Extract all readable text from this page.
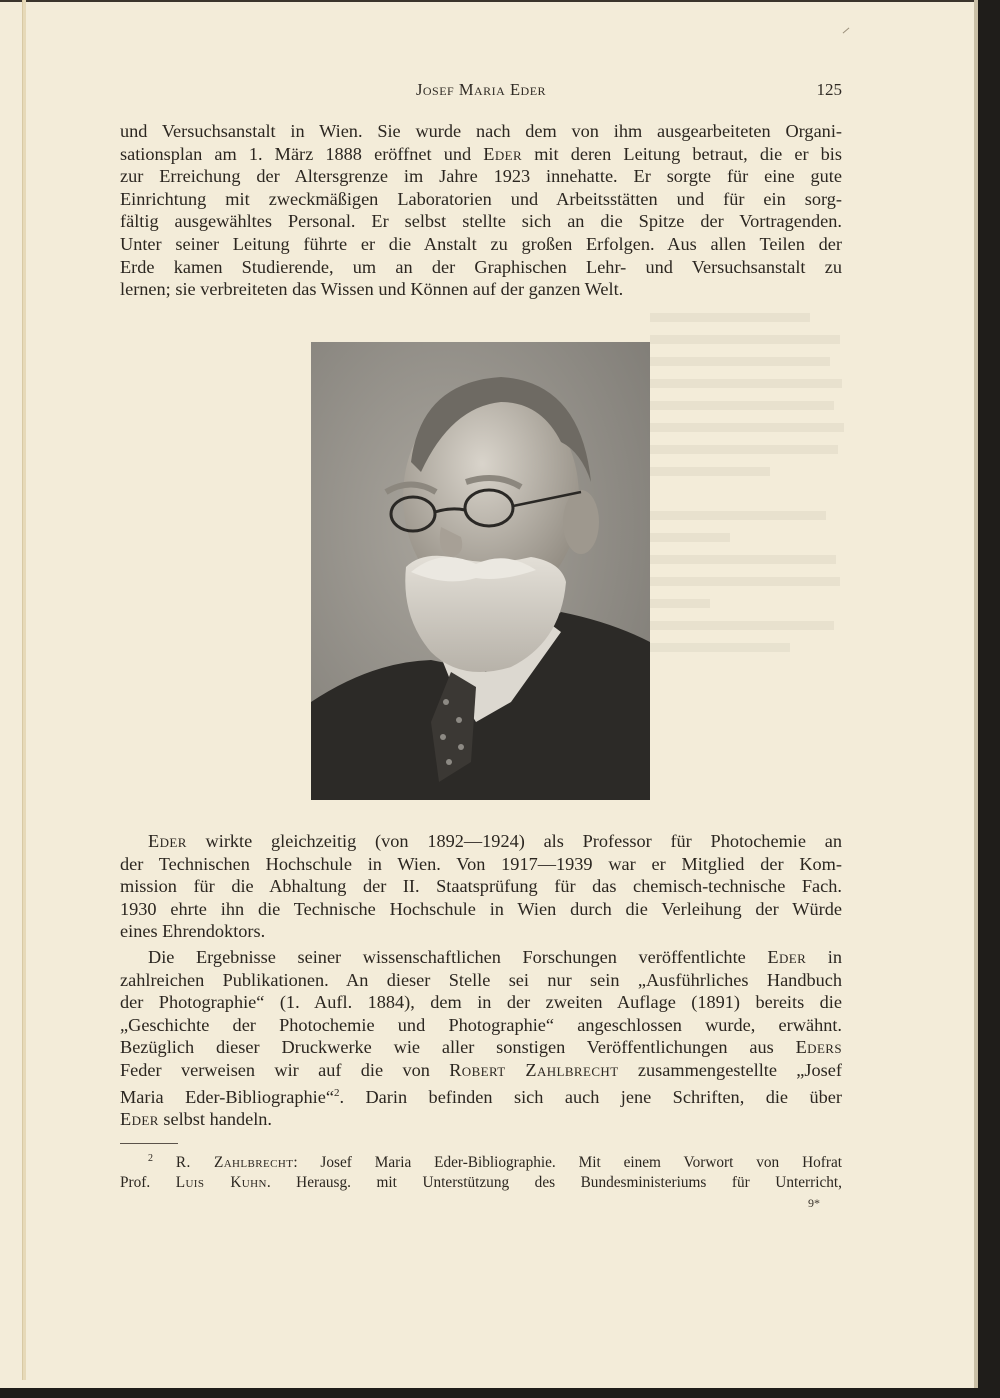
Josef Maria Eder	125
und Versuchsanstalt in Wien. Sie wurde nach dem von ihm ausgearbeiteten Organi-
sationsplan am 1. März 1888 eröffnet und Eder mit deren Leitung betraut, die er bis
zur Erreichung der Altersgrenze im Jahre 1923 innehatte. Er sorgte für eine gute
Einrichtung mit zweckmäßigen Laboratorien und Arbeitsstätten und für ein sorg-
fältig ausgewähltes Personal. Er selbst stellte sich an die Spitze der Vortragenden.
Unter seiner Leitung führte er die Anstalt zu großen Erfolgen. Aus allen Teilen der
Erde kamen Studierende, um an der Graphischen Lehr- und Versuchsanstalt zu
lernen; sie verbreiteten das Wissen und Können auf der ganzen Welt.
Eder wirkte gleichzeitig (von 1892—1924) als Professor für Photochemie an
der Technischen Hochschule in Wien. Von 1917—1939 war er Mitglied der Kom-
mission für die Abhaltung der II. Staatsprüfung für das chemisch-technische Fach.
1930 ehrte ihn die Technische Hochschule in Wien durch die Verleihung der Würde
eines Ehrendoktors.
Die Ergebnisse seiner wissenschaftlichen Forschungen veröffentlichte Eder in
zahlreichen Publikationen. An dieser Stelle sei nur sein „Ausführliches Handbuch
der Photographie“ (1. Aufl. 1884), dem in der zweiten Auflage (1891) bereits die
„Geschichte der Photochemie und Photographie“ angeschlossen wurde, erwähnt.
Bezüglich dieser Druckwerke wie aller sonstigen Veröffentlichungen aus Eders
Feder verweisen wir auf die von Robert Zahlbrecht zusammengestellte „Josef
Maria Eder-Bibliographie“$^2$. Darin befinden sich auch jene Schriften, die über
Eder selbst handeln.
$^2$ R. Zahlbrecht: Josef Maria Eder-Bibliographie. Mit einem Vorwort von Hofrat
Prof. Luis Kuhn. Herausg. mit Unterstützung des Bundesministeriums für Unterricht,
9*
